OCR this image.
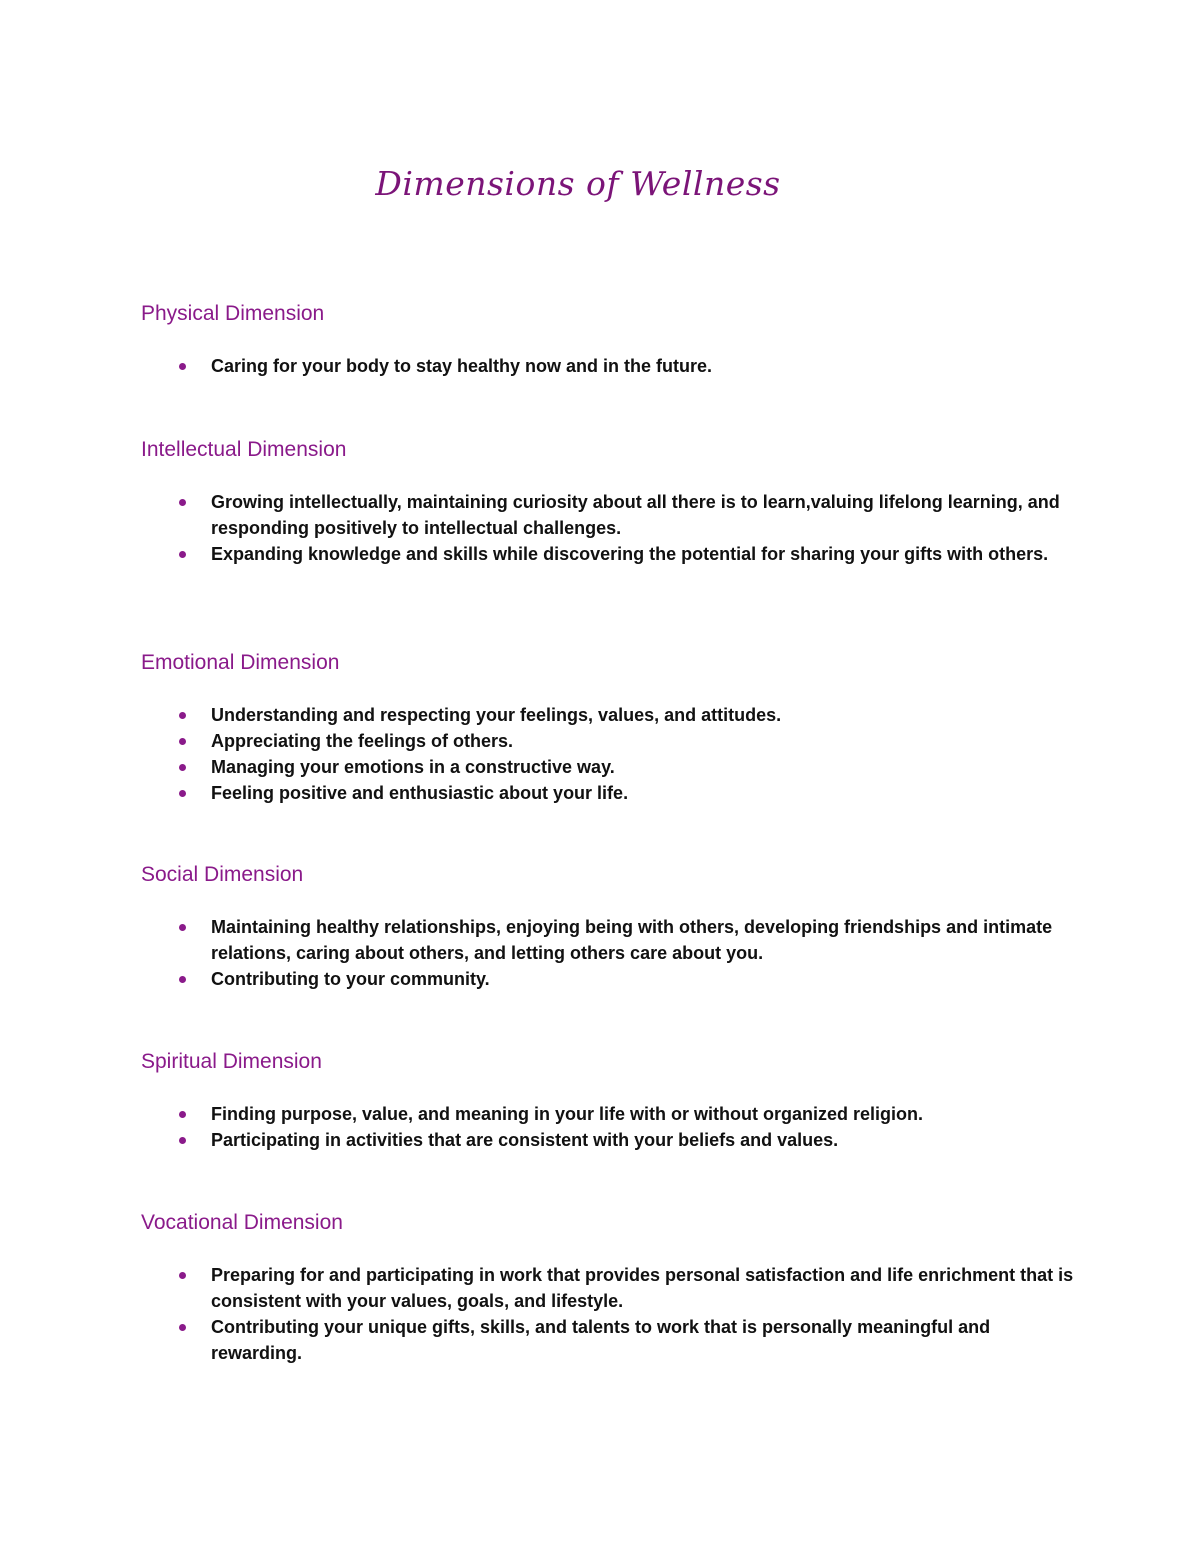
Dimensions of Wellness
Physical Dimension
Caring for your body to stay healthy now and in the future.
Intellectual Dimension
Growing intellectually, maintaining curiosity about all there is to learn,valuing lifelong learning, and responding positively to intellectual challenges.
Expanding knowledge and skills while discovering the potential for sharing your gifts with others.
Emotional Dimension
Understanding and respecting your feelings, values, and attitudes.
Appreciating the feelings of others.
Managing your emotions in a constructive way.
Feeling positive and enthusiastic about your life.
Social Dimension
Maintaining healthy relationships, enjoying being with others, developing friendships and intimate relations, caring about others, and letting others care about you.
Contributing to your community.
Spiritual Dimension
Finding purpose, value, and meaning in your life with or without organized religion.
Participating in activities that are consistent with your beliefs and values.
Vocational Dimension
Preparing for and participating in work that provides personal satisfaction and life enrichment that is consistent with your values, goals, and lifestyle.
Contributing your unique gifts, skills, and talents to work that is personally meaningful and rewarding.
